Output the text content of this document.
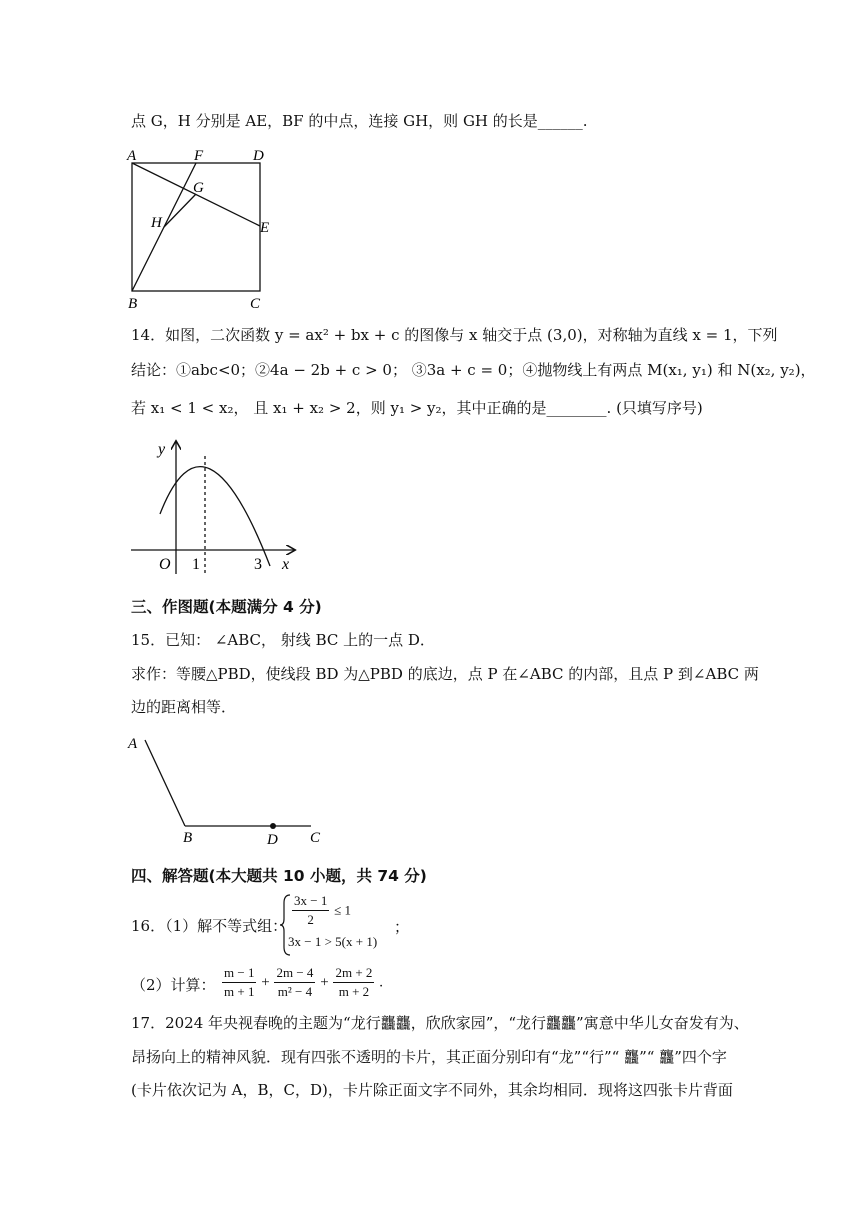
点 G，H 分别是 AE，BF 的中点，连接 GH，则 GH 的长是______.
A	F	D
G
H	E
B	C
14．如图，二次函数 y = ax² + bx + c 的图像与 x 轴交于点 (3,0)，对称轴为直线 x = 1，下列
结论：①abc<0；②4a − 2b + c > 0； ③3a + c = 0；④抛物线上有两点 M(x₁, y₁) 和 N(x₂, y₂)，
若 x₁ < 1 < x₂， 且 x₁ + x₂ > 2，则 y₁ > y₂，其中正确的是________. (只填写序号)
y
O 1	3 x
三、作图题(本题满分 4 分)
15．已知： ∠ABC， 射线 BC 上的一点 D．
求作：等腰△PBD，使线段 BD 为△PBD 的底边，点 P 在∠ABC 的内部，且点 P 到∠ABC 两
边的距离相等．
A
B	D C
四、解答题(本大题共 10 小题，共 74 分)
16．（1）解不等式组： $\frac{3x - 1}{2} \le 1$
3x − 1 > 5(x + 1)
；
（2）计算： $\frac{m - 1}{m + 1} + \frac{2m - 4}{\text{m² − 4}} + \frac{2m + 2}{m + 2}$ .
17．2024 年央视春晚的主题为“龙行龘龘，欣欣家园”，“龙行龘龘”寓意中华儿女奋发有为、
昂扬向上的精神风貌．现有四张不透明的卡片，其正面分别印有“龙”“行”“ 龘”“ 龘”四个字
(卡片依次记为 A，B，C，D)，卡片除正面文字不同外，其余均相同．现将这四张卡片背面
